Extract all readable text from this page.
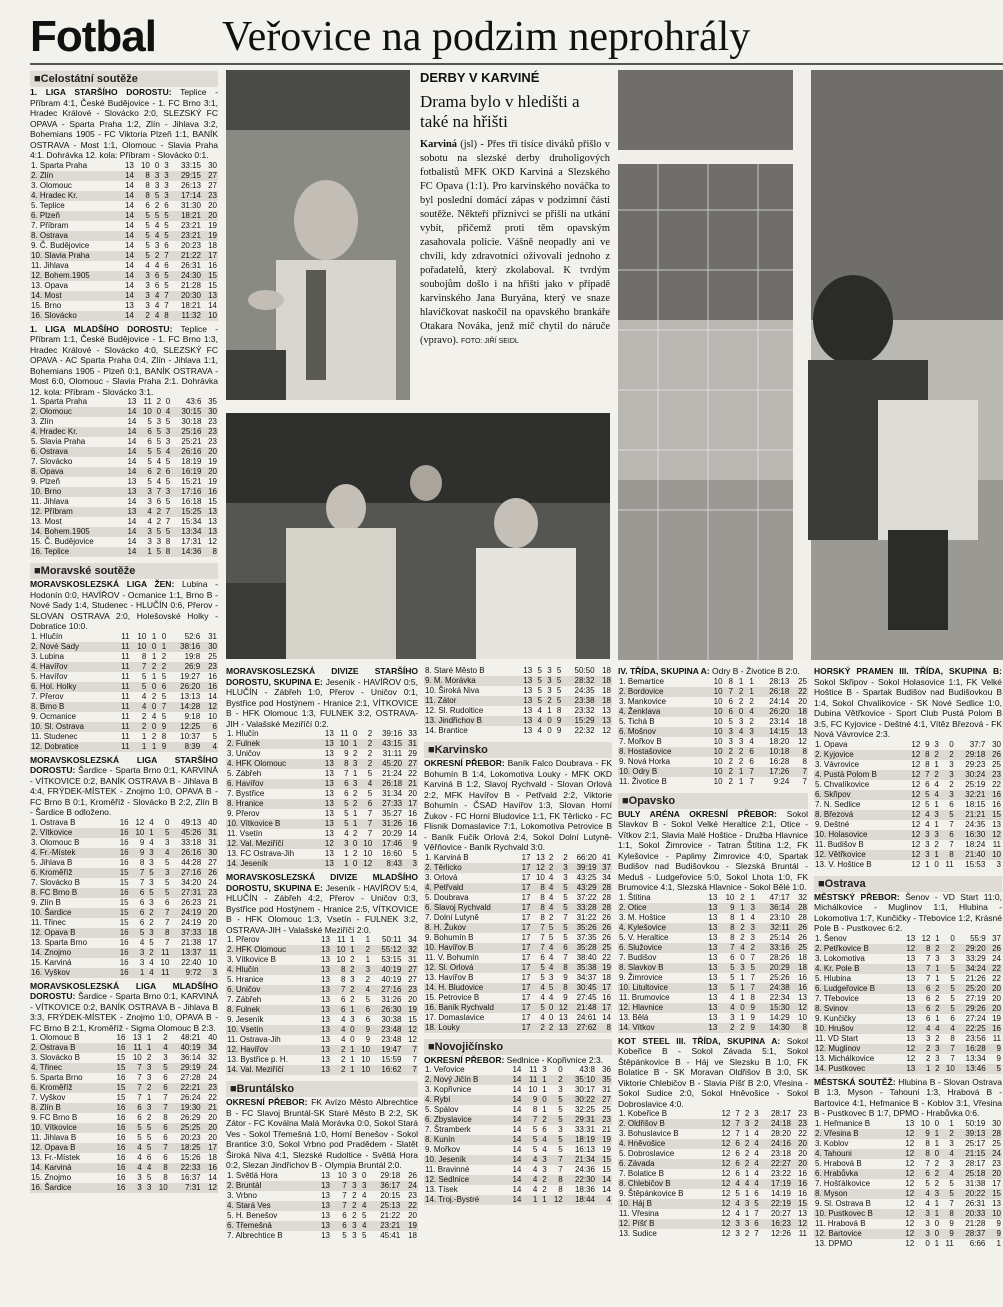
Fotbal Veřovice na podzim neprohrály
DERBY V KARVINÉ
Drama bylo v hledišti a také na hřišti
Karviná (jsl) - Přes tři tisíce diváků přišlo v sobotu na slezské derby druholigových fotbalistů MFK OKD Karviná a Slezského FC Opava (1:1). Pro karvinského nováčka to byl poslední domácí zápas v podzimní části soutěže. Někteří příznivci se přišli na utkání vybít, přičemž proti těm opavským zasahovala policie. Vášně neopadly ani ve chvíli, kdy zdravotníci oživovali jednoho z pořadatelů, který zkolaboval. K tvrdým soubojům došlo i na hřišti jako v případě karvinského Jana Buryána, který ve snaze hlavičkovat naskočil na opavského brankáře Otakara Nováka, jenž míč chytil do náruče (vpravo). FOTO: JIŘÍ SEIDL
■ Celostátní soutěže
1. LIGA STARŠÍHO DOROSTU: Teplice - Příbram 4:1, České Budějovice - 1. FC Brno 3:1, Hradec Králové - Slovácko 2:0, SLEZSKÝ FC OPAVA - Sparta Praha 1:2, Zlín - Jihlava 3:2, Bohemians 1905 - FC Viktoria Plzeň 1:1, BANÍK OSTRAVA - Most 1:1, Olomouc - Slavia Praha 4:1. Dohrávka 12. kola: Příbram - Slovácko 0:1.
1. Sparta Praha	13	10	0	3	33:15	30
2. Zlín	14	8	3	3	29:15	27
3. Olomouc	14	8	3	3	26:13	27
4. Hradec Kr.	14	8	5	3	17:14	23
5. Teplice	14	6	2	6	31:30	20
6. Plzeň	14	5	5	5	18:21	20
7. Příbram	14	5	4	5	23:21	19
8. Ostrava	14	5	4	5	23:21	19
9. Č. Budějovice	14	5	3	6	20:23	18
10. Slavia Praha	14	5	2	7	21:22	17
11. Jihlava	14	4	4	6	26:31	16
12. Bohem.1905	14	3	6	5	24:30	15
13. Opava	14	3	6	5	21:28	15
14. Most	14	3	4	7	20:30	13
15. Brno	13	3	4	7	18:21	14
16. Slovácko	14	2	4	8	11:32	10
1. LIGA MLADŠÍHO DOROSTU: Teplice - Příbram 1:1, České Budějovice - 1. FC Brno 1:3, Hradec Králové - Slovácko 4:0, SLEZSKÝ FC OPAVA - AC Sparta Praha 0:4, Zlín - Jihlava 1:1, Bohemians 1905 - Plzeň 0:1, BANÍK OSTRAVA - Most 6:0, Olomouc - Slavia Praha 2:1. Dohrávka 12. kola: Příbram - Slovácko 3:1.
1. Sparta Praha	13	11	2	0	43:6	35
2. Olomouc	14	10	0	4	30:15	30
3. Zlín	14	5	3	5	30:18	23
4. Hradec Kr.	14	6	5	3	25:16	23
5. Slavia Praha	14	6	5	3	25:21	23
6. Ostrava	14	5	5	4	26:16	20
7. Slovácko	14	5	4	5	18:19	19
8. Opava	14	6	2	6	16:19	20
9. Plzeň	13	5	4	5	15:21	19
10. Brno	13	3	7	3	17:16	16
11. Jihlava	14	3	6	5	16:18	15
12. Příbram	13	4	2	7	15:25	13
13. Most	14	4	2	7	15:34	13
14. Bohem.1905	14	3	5	5	13:34	13
15. Č. Budějovice	14	3	3	8	17:31	12
16. Teplice	14	1	5	8	14:36	8
■ Moravské soutěže
MORAVSKOSLEZSKÁ LIGA ŽEN: Lubina - Hodonín 0:0, HAVÍŘOV - Ocmanice 1:1, Brno B - Nové Sady 1:4, Studenec - HLUČÍN 0:6, Přerov - SLOVAN OSTRAVA 2:0, Holešovské Holky - Dobratice 10:0.
1. Hlučín	11	10	1	0	52:6	31
2. Nové Sady	11	10	0	1	38:16	30
3. Lubina	11	8	1	2	19:8	25
4. Havířov	11	7	2	2	26:9	23
5. Havířov	11	5	1	5	19:27	16
6. Hol. Holky	11	5	0	6	26:20	16
7. Přerov	11	4	2	5	13:13	14
8. Brno B	11	4	0	7	14:28	12
9. Ocmanice	11	2	4	5	9:18	10
10. Sl. Ostrava	11	2	0	9	12:25	6
11. Studenec	11	1	2	8	10:37	5
12. Dobratice	11	1	1	9	8:39	4
MORAVSKOSLEZSKÁ LIGA STARŠÍHO DOROSTU: Šardice - Sparta Brno 0:1, KARVINÁ - VÍTKOVICE 0:2, BANÍK OSTRAVA B - Jihlava B 4:4, FRÝDEK-MÍSTEK - Znojmo 1:0, OPAVA B - FC Brno B 0:1, Kroměříž - Slovácko B 2:2, Zlín B - Šardice B odloženo.
1. Ostrava B	16	12	4	0	49:13	40
2. Vítkovice	16	10	1	5	45:26	31
3. Olomouc B	16	9	4	3	33:18	31
4. Fr.-Místek	16	9	3	4	26:16	30
5. Jihlava B	16	8	3	5	44:28	27
6. Kroměříž	15	7	5	3	27:16	26
7. Slovácko B	15	7	3	5	34:20	24
8. FC Brno B	16	6	5	5	27:31	23
9. Zlín B	15	6	3	6	26:23	21
10. Šardice	15	6	2	7	24:19	20
11. Třinec	15	6	2	7	24:19	20
12. Opava B	16	5	3	8	37:33	18
13. Sparta Brno	16	4	5	7	21:38	17
14. Znojmo	16	3	2	11	13:37	11
15. Karviná	16	3	4	10	22:40	10
16. Vyškov	16	1	4	11	9:72	3
MORAVSKOSLEZSKÁ LIGA MLADŠÍHO DOROSTU: Šardice - Sparta Brno 0:1, KARVINÁ - VÍTKOVICE 0:2, BANÍK OSTRAVA B - Jihlava B 3:3, FRÝDEK-MÍSTEK - Znojmo 1:0, OPAVA B - FC Brno B 2:1, Kroměříž - Sigma Olomouc B 2:3.
1. Olomouc B	16	13	1	2	48:21	40
2. Ostrava B	16	11	1	4	40:19	34
3. Slovácko B	15	10	2	3	36:14	32
4. Třinec	15	7	3	5	29:19	24
5. Sparta Brno	16	7	3	6	27:28	24
6. Kroměříž	15	7	2	6	22:21	23
7. Vyškov	15	7	1	7	26:24	22
8. Zlín B	16	6	3	7	19:30	21
9. FC Brno B	16	6	2	8	26:29	20
10. Vítkovice	16	5	5	6	25:25	20
11. Jihlava B	16	5	5	6	20:23	20
12. Opava B	16	4	5	7	18:25	17
13. Fr.-Místek	16	4	6	6	15:26	18
14. Karviná	16	4	4	8	22:33	16
15. Znojmo	16	3	5	8	16:37	14
16. Šardice	16	3	3	10	7:31	12
MORAVSKOSLEZSKÁ DIVIZE STARŠÍHO DOROSTU, SKUPINA E: Jeseník - HAVÍŘOV 0:5, HLUČÍN - Zábřeh 1:0, Přerov - Uničov 0:1, Bystřice pod Hostýnem - Hranice 2:1, VÍTKOVICE B - HFK Olomouc 1:3, FULNEK 3:2, OSTRAVA-JIH - Valašské Meziříčí 0:2.
1. Hlučín	13	11	0	2	39:16	33
2. Fulnek	13	10	1	2	43:15	31
3. Uničov	13	9	2	2	31:11	29
4. HFK Olomouc	13	8	3	2	45:20	27
5. Zábřeh	13	7	1	5	21:24	22
6. Havířov	13	6	3	4	26:18	21
7. Bystřice	13	6	2	5	31:34	20
8. Hranice	13	5	2	6	27:33	17
9. Přerov	13	5	1	7	35:27	16
10. Vítkovice B	13	5	1	7	31:26	16
11. Vsetín	13	4	2	7	20:29	14
12. Val. Meziříčí	12	3	0	10	17:46	9
13. FC Ostrava-Jih	13	1	2	10	16:60	5
14. Jeseník	13	1	0	12	8:43	3
MORAVSKOSLEZSKÁ DIVIZE MLADŠÍHO DOROSTU, SKUPINA E: Jeseník - HAVÍŘOV 5:4, HLUČÍN - Zábřeh 4:2, Přerov - Uničov 0:3, Bystřice pod Hostýnem - Hranice 2:5, VÍTKOVICE B - HFK Olomouc 1:3, Vsetín - FULNEK 3:2, OSTRAVA-JIH - Valašské Meziříčí 2:0.
1. Přerov	13	11	1	1	50:11	34
2. HFK Olomouc	13	10	1	2	55:12	32
3. Vítkovice B	13	10	2	1	53:15	31
4. Hlučín	13	8	2	3	40:19	27
5. Hranice	13	8	3	2	40:19	27
6. Uničov	13	7	2	4	27:16	23
7. Zábřeh	13	6	2	5	31:26	20
8. Fulnek	13	6	1	6	26:30	19
9. Jeseník	13	4	3	6	30:38	15
10. Vsetín	13	4	0	9	23:48	12
11. Ostrava-Jih	13	4	0	9	23:48	12
12. Havířov	13	2	1	10	19:47	7
13. Bystřice p. H.	13	2	1	10	15:59	7
14. Val. Meziříčí	13	2	1	10	16:62	7
■ Bruntálsko
OKRESNÍ PŘEBOR: FK Avízo Město Albrechtice B - FC Slavoj Bruntál-SK Staré Město B 2:2, SK Zátor - FC Koválna Malá Morávka 0:0, Sokol Stará Ves - Sokol Třemešná 1:0, Horní Benešov - Sokol Brantice 3:0, Sokol Vrbno pod Pradědem - Slatět Široká Niva 4:1, Slezské Rudoltice - Světlá Hora 0:2, Slezan Jindřichov B - Olympia Bruntál 2:0.
1. Světlá Hora	13	10	3	0	29:18	26
2. Bruntál	13	7	3	3	36:17	24
3. Vrbno	13	7	2	4	20:15	23
4. Stará Ves	13	7	2	4	25:13	22
5. H. Benešov	13	6	2	5	21:22	20
6. Třemešná	13	6	3	4	23:21	19
7. Albrechtice B	13	5	3	5	45:41	18
8. Staré Město B	13	5	3	5	50:50	18
9. M. Morávka	13	5	3	5	28:32	18
10. Široká Niva	13	5	3	5	24:35	18
11. Zátor	13	5	2	5	23:38	18
12. Sl. Rudoltice	13	4	1	8	23:32	13
13. Jindřichov B	13	4	0	9	15:29	13
14. Brantice	13	4	0	9	22:32	12
■ Karvinsko
OKRESNÍ PŘEBOR: Baník Falco Doubrava - FK Bohumín B 1:4, Lokomotiva Louky - MFK OKD Karviná B 1:2, Slavoj Rychvald - Slovan Orlová 2:2, MFK Havířov B - Petřvald 2:2, Viktorie Bohumín - ČSAD Havířov 1:3, Slovan Horní Žukov - FC Horní Bludovice 1:1, FK Těrlicko - FC Flisnik Domaslavice 7:1, Lokomotiva Petrovice B - Baník Fučík Orlová 2:4, Sokol Dolní Lutyně-Věřňovice - Baník Rychvald 3:0.
1. Karviná B	17	13	2	2	66:20	41
2. Těrlicko	17	12	2	3	39:19	37
3. Orlová	17	10	4	3	43:25	34
4. Petřvald	17	8	4	5	43:29	28
5. Doubrava	17	8	4	5	37:22	28
6. Slavoj Rychvald	17	8	4	5	33:28	28
7. Dolní Lutyně	17	8	2	7	31:22	26
8. H. Žukov	17	7	5	5	35:26	26
9. Bohumín B	17	7	5	5	37:35	26
10. Havířov B	17	7	4	6	35:28	25
11. V. Bohumín	17	6	4	7	38:40	22
12. Sl. Orlová	17	5	4	8	35:38	19
13. Havířov B	17	5	3	9	34:37	18
14. H. Bludovice	17	4	5	8	30:45	17
15. Petrovice B	17	4	4	9	27:45	16
16. Baník Rychvald	17	5	0	12	21:48	17
17. Domaslavice	17	4	0	13	24:61	14
18. Louky	17	2	2	13	27:62	8
■ Novojičínsko
OKRESNÍ PŘEBOR: Sedlnice - Kopřivnice 2:3.
1. Veřovice	14	11	3	0	43:8	36
2. Nový Jičín B	14	11	1	2	35:10	35
3. Kopřivnice	14	10	1	3	30:17	31
4. Rybí	14	9	0	5	30:22	27
5. Spálov	14	8	1	5	32:25	25
6. Zbyslavice	14	7	2	5	29:31	23
7. Štramberk	14	5	6	3	33:31	21
8. Kunín	14	5	4	5	18:19	19
9. Mořkov	14	5	4	5	16:13	19
10. Jeseník	14	4	3	7	21:34	15
11. Bravinné	14	4	3	7	24:36	15
12. Sedlnice	14	4	2	8	22:30	14
13. Tísek	14	4	2	8	18:36	14
14. Troj.-Bystré	14	1	1	12	18:44	4
IV. TŘÍDA, SKUPINA A: Odry B - Životice B 2:0.
1. Bemartice	10	8	1	1	28:13	25
2. Bordovice	10	7	2	1	26:18	22
3. Mankovice	10	6	2	2	24:14	20
4. Ženklava	10	6	0	4	26:20	18
5. Tichá B	10	5	3	2	23:14	18
6. Mošnov	10	3	4	3	14:15	13
7. Mořkov B	10	3	3	4	18:20	12
8. Hostašovice	10	2	2	6	10:18	8
9. Nová Horka	10	2	2	6	16:28	8
10. Odry B	10	2	1	7	17:26	7
11. Životice B	10	2	1	7	9:24	7
■ Opavsko
BULY ARÉNA OKRESNÍ PŘEBOR: Sokol Slavkov B - Sokol Velké Heraltice 2:1, Otice - Vítkov 2:1, Slavia Malé Hoštice - Družba Hlavnice 1:1, Sokol Žimrovice - Tatran Štítina 1:2, FK Kylešovice - Paplimy Žimrovice 4:0, Spartak Budišov nad Budišovkou - Slezská Bruntál - Meduš - Ludgeřovice 5:0, Sokol Lhota 1:0, FK Brumovice 4:1, Slezská Hlavnice - Sokol Bělé 1:0.
1. Štítina	13	10	2	1	47:17	32
2. Otice	13	9	1	3	36:14	28
3. M. Hoštice	13	8	1	4	23:10	28
4. Kylešovice	13	8	2	3	32:11	26
5. V. Heraltice	13	8	2	3	25:14	26
6. Služovice	13	7	4	2	33:16	25
7. Budišov	13	6	0	7	28:26	18
8. Slavkov B	13	5	3	5	20:29	18
9. Žimrovice	13	5	1	7	25:26	16
10. Litultovice	13	5	1	7	24:38	16
11. Brumovice	13	4	1	8	22:34	13
12. Hlavnice	13	4	0	9	15:30	12
13. Bělá	13	3	1	9	14:29	10
14. Vítkov	13	2	2	9	14:30	8
KOT STEEL III. TŘÍDA, SKUPINA A: Sokol Kobeřice B - Sokol Závada 5:1, Sokol Štěpánkovice B - Háj ve Slezsku B 1:0, FK Bolatice B - SK Moravan Oldřišov B 3:0, SK Viktorie Chlebičov B - Slavia Píšť B 2:0, Vřesina - Sokol Sudice 2:0, Sokol Hněvošice - Sokol Dobroslavice 4:0.
1. Kobeřice B	12	7	2	3	28:17	23
2. Oldřišov B	12	7	3	2	24:18	23
3. Bohuslavice B	12	7	1	4	28:20	22
4. Hněvošice	12	6	2	4	24:16	20
5. Dobroslavice	12	6	2	4	23:18	20
6. Závada	12	6	2	4	22:27	20
7. Bolatice B	12	6	1	4	23:22	16
8. Chlebičov B	12	4	4	4	17:19	16
9. Štěpánkovice B	12	5	1	6	14:19	16
10. Háj B	12	4	3	5	22:19	15
11. Vřesina	12	4	1	7	20:27	13
12. Píšť B	12	3	3	6	16:23	12
13. Sudice	12	3	2	7	12:26	11
HORSKÝ PRAMEN III. TŘÍDA, SKUPINA B: Sokol Skřipov - Sokol Holasovice 1:1, FK Velké Hoštice B - Spartak Budišov nad Budišovkou B 1:4, Sokol Chvalíkovice - SK Nové Sedlice 1:0, Dubina Větřkovice - Sport Club Pustá Polom B 3:5, FC Kyjovice - Deštné 4:1, Vítěz Březová - FK Nová Vávrovice 2:3.
1. Opava	12	9	3	0	37:7	30
2. Kyjovice	12	8	2	2	29:18	26
3. Vávrovice	12	8	1	3	29:23	25
4. Pustá Polom B	12	7	2	3	30:24	23
5. Chvalíkovice	12	6	4	2	25:19	22
6. Skřipov	12	5	4	3	32:21	16
7. N. Sedlice	12	5	1	6	18:15	16
8. Březová	12	4	3	5	21:21	15
9. Deštné	12	4	1	7	24:35	13
10. Holasovice	12	3	3	6	16:30	12
11. Budišov B	12	3	2	7	18:24	11
12. Větřkovice	12	3	1	8	21:40	10
13. V. Hoštice B	12	1	0	11	15:53	3
■ Ostrava
MĚSTSKÝ PŘEBOR: Šenov - VD Start 11:0, Michálkovice - Muglinov 1:1, Hlubina - Lokomotiva 1:7, Kunčičky - Třebovice 1:2, Krásné Pole B - Pustkovec 6:2.
1. Šenov	13	12	1	0	55:9	37
2. Petřkovice B	12	8	2	2	29:20	26
3. Lokomotiva	13	7	3	3	33:29	24
4. Kr. Pole B	13	7	1	5	34:24	22
5. Hlubina	13	7	1	5	21:26	22
6. Ludgeřovice B	13	6	2	5	25:20	20
7. Třebovice	13	6	2	5	27:19	20
8. Svinov	13	6	2	5	29:26	20
9. Kunčičky	13	6	1	6	27:24	19
10. Hrušov	12	4	4	4	22:25	16
11. VD Start	13	3	2	8	23:56	11
12. Muglinov	12	2	3	7	16:28	9
13. Michálkovice	12	2	3	7	13:34	9
14. Pustkovec	13	1	2	10	13:46	5
MĚSTSKÁ SOUTĚŽ: Hlubina B - Slovan Ostrava B 1:3, Myson - Tahouni 1:3, Hrabová B - Bartovice 4:1, Hefmanice B - Koblov 3:1, Vřesina B - Pustkovec B 1:7, DPMO - Hrabůvka 0:6.
1. Heřmanice B	13	10	0	1	50:19	30
2. Vřesina B	12	9	1	2	39:13	28
3. Koblov	12	8	1	3	25:17	25
4. Tahouni	12	8	0	4	21:15	24
5. Hrabová B	12	7	2	3	28:17	23
6. Hrabůvka	12	6	2	4	25:18	20
7. Hošťálkovice	12	5	2	5	31:38	17
8. Myson	12	4	3	5	20:22	15
9. Sl. Ostrava B	12	4	1	7	26:31	13
10. Pustkovec B	12	3	1	8	20:33	10
11. Hrabová B	12	3	0	9	21:28	9
12. Bartovice	12	3	0	9	28:37	9
13. DPMO	12	0	1	11	6:66	1
